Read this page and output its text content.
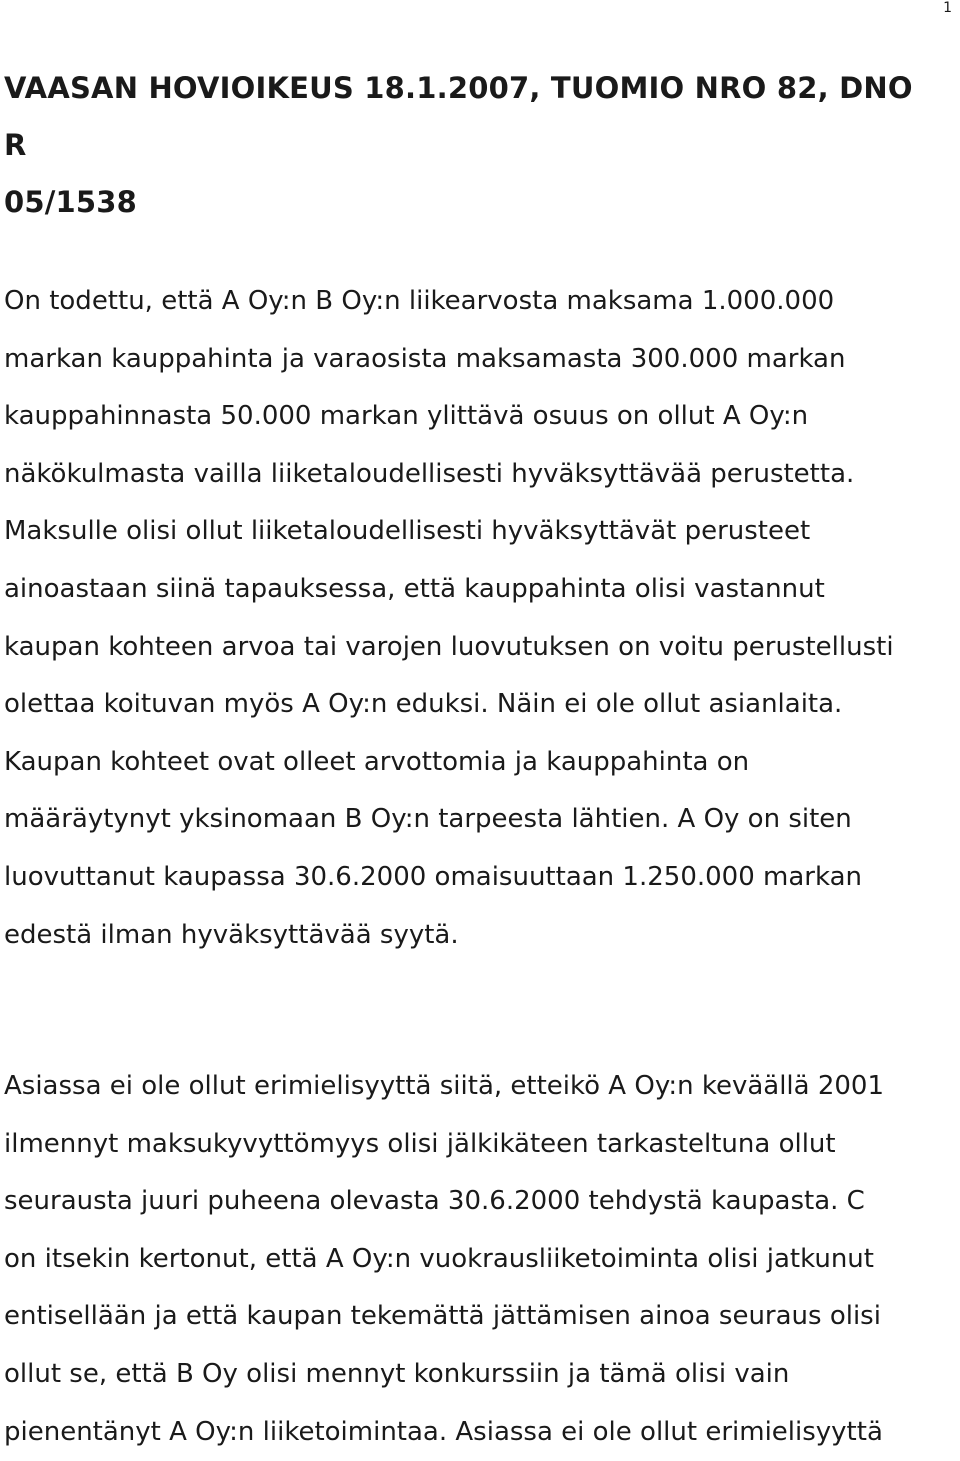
1
VAASAN HOVIOIKEUS 18.1.2007, TUOMIO NRO 82, DNO R
05/1538

On todettu, että A Oy:n B Oy:n liikearvosta maksama 1.000.000
markan kauppahinta ja varaosista maksamasta 300.000 markan
kauppahinnasta 50.000 markan ylittävä osuus on ollut A Oy:n
näkökulmasta vailla liiketaloudellisesti hyväksyttävää perustetta.
Maksulle olisi ollut liiketaloudellisesti hyväksyttävät perusteet
ainoastaan siinä tapauksessa, että kauppahinta olisi vastannut
kaupan kohteen arvoa tai varojen luovutuksen on voitu perustellusti
olettaa koituvan myös A Oy:n eduksi. Näin ei ole ollut asianlaita.
Kaupan kohteet ovat olleet arvottomia ja kauppahinta on
määräytynyt yksinomaan B Oy:n tarpeesta lähtien. A Oy on siten
luovuttanut kaupassa 30.6.2000 omaisuuttaan 1.250.000 markan
edestä ilman hyväksyttävää syytä.

Asiassa ei ole ollut erimielisyyttä siitä, etteikö A Oy:n keväällä 2001
ilmennyt maksukyvyttömyys olisi jälkikäteen tarkasteltuna ollut
seurausta juuri puheena olevasta 30.6.2000 tehdystä kaupasta. C
on itsekin kertonut, että A Oy:n vuokrausliiketoiminta olisi jatkunut
entisellään ja että kaupan tekemättä jättämisen ainoa seuraus olisi
ollut se, että B Oy olisi mennyt konkurssiin ja tämä olisi vain
pienentänyt A Oy:n liiketoimintaa. Asiassa ei ole ollut erimielisyyttä
